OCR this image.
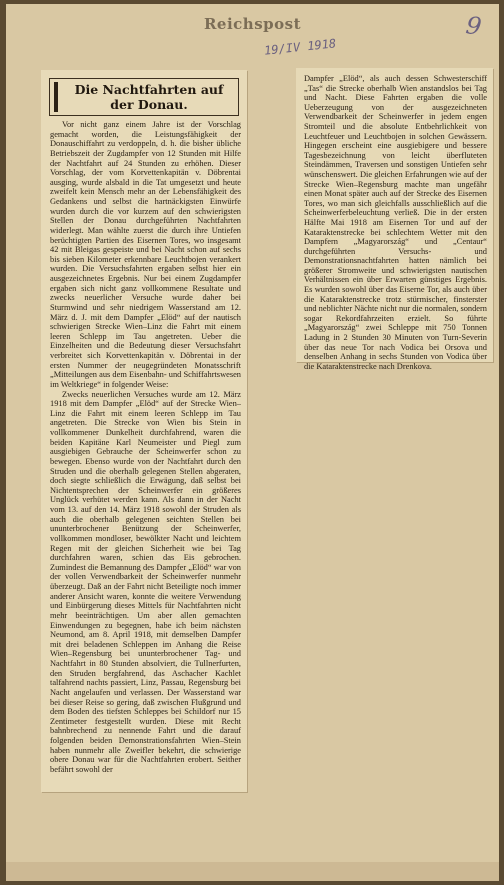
Reichspost
19/IV 1918
9
Die Nachtfahrten auf der Donau.

Vor nicht ganz einem Jahre ist der Vorschlag gemacht worden, die Leistungsfähigkeit der Donauschiffahrt zu verdoppeln, d. h. die bisher übliche Betriebszeit der Zugdampfer von 12 Stunden mit Hilfe der Nachtfahrt auf 24 Stunden zu erhöhen. Dieser Vorschlag, der vom Korvettenkapitän v. Döbrentai ausging, wurde alsbald in die Tat umgesetzt und heute zweifelt kein Mensch mehr an der Lebensfähigkeit des Gedankens und selbst die hartnäckigsten Einwürfe wurden durch die vor kurzem auf den schwierigsten Stellen der Donau durchgeführten Nachtfahrten widerlegt. Man wählte zuerst die durch ihre Untiefen berüchtigten Partien des Eisernen Tores, wo insgesamt 42 mit Bleigas gespeiste und bei Nacht schon auf sechs bis sieben Kilometer erkennbare Leuchtbojen verankert wurden. Die Versuchsfahrten ergaben selbst hier ein ausgezeichnetes Ergebnis. Nur bei einem Zugdampfer ergaben sich nicht ganz vollkommene Resultate und zwecks neuerlicher Versuche wurde daher bei Sturmwind und sehr niedrigem Wasserstand am 12. März d. J. mit dem Dampfer „Elöd“ auf der nautisch schwierigen Strecke Wien–Linz die Fahrt mit einem leeren Schlepp im Tau angetreten. Ueber die Einzelheiten und die Bedeutung dieser Versuchsfahrt verbreitet sich Korvettenkapitän v. Döbrentai in der ersten Nummer der neugegründeten Monatsschrift „Mitteilungen aus dem Eisenbahn- und Schiffahrtswesen im Weltkriege“ in folgender Weise:

Zwecks neuerlichen Versuches wurde am 12. März 1918 mit dem Dampfer „Elöd“ auf der Strecke Wien–Linz die Fahrt mit einem leeren Schlepp im Tau angetreten. Die Strecke von Wien bis Stein in vollkommener Dunkelheit durchfahrend, waren die beiden Kapitäne Karl Neumeister und Piegl zum ausgiebigen Gebrauche der Scheinwerfer schon zu bewegen. Ebenso wurde von der Nachtfahrt durch den Struden und die oberhalb gelegenen Stellen abgeraten, doch siegte schließlich die Erwägung, daß selbst bei Nichtentsprechen der Scheinwerfer ein größeres Unglück verhütet werden kann. Als dann in der Nacht vom 13. auf den 14. März 1918 sowohl der Struden als auch die oberhalb gelegenen seichten Stellen bei ununterbrochener Benützung der Scheinwerfer, vollkommen mondloser, bewölkter Nacht und leichtem Regen mit der gleichen Sicherheit wie bei Tag durchfahren waren, schien das Eis gebrochen. Zumindest die Bemannung des Dampfer „Elöd“ war von der vollen Verwendbarkeit der Scheinwerfer nunmehr überzeugt. Daß an der Fahrt nicht Beteiligte noch immer anderer Ansicht waren, konnte die weitere Verwendung und Einbürgerung dieses Mittels für Nachtfahrten nicht mehr beeinträchtigen. Um aber allen gemachten Einwendungen zu begegnen, habe ich beim nächsten Neumond, am 8. April 1918, mit demselben Dampfer mit drei beladenen Schleppen im Anhang die Reise Wien–Regensburg bei ununterbrochener Tag- und Nachtfahrt in 80 Stunden absolviert, die Tullnerfurten, den Struden bergfahrend, das Aschacher Kachlet talfahrend nachts passiert, Linz, Passau, Regensburg bei Nacht angelaufen und verlassen. Der Wasserstand war bei dieser Reise so gering, daß zwischen Flußgrund und dem Boden des tiefsten Schleppes bei Schildorf nur 15 Zentimeter festgestellt wurden. Diese mit Recht bahnbrechend zu nennende Fahrt und die darauf folgenden beiden Demonstrationsfahrten Wien–Stein haben nunmehr alle Zweifler bekehrt, die schwierige obere Donau war für die Nachtfahrten erobert. Seither befährt sowohl der

Dampfer „Elöd“, als auch dessen Schwesterschiff „Tas“ die Strecke oberhalb Wien anstandslos bei Tag und Nacht. Diese Fahrten ergaben die volle Ueberzeugung von der ausgezeichneten Verwendbarkeit der Scheinwerfer in jedem engen Stromteil und die absolute Entbehrlichkeit von Leuchtfeuer und Leuchtbojen in solchen Gewässern. Hingegen erscheint eine ausgiebigere und bessere Tagesbezeichnung von leicht überfluteten Steindämmen, Traversen und sonstigen Untiefen sehr wünschenswert. Die gleichen Erfahrungen wie auf der Strecke Wien–Regensburg machte man ungefähr einen Monat später auch auf der Strecke des Eisernen Tores, wo man sich gleichfalls ausschließlich auf die Scheinwerferbeleuchtung verließ. Die in der ersten Hälfte Mai 1918 am Eisernen Tor und auf der Kataraktenstrecke bei schlechtem Wetter mit den Dampfern „Magyarország“ und „Centaur“ durchgeführten Versuchs- und Demonstrationsnachtfahrten hatten nämlich bei größerer Stromweite und schwierigsten nautischen Verhältnissen ein über Erwarten günstiges Ergebnis. Es wurden sowohl über das Eiserne Tor, als auch über die Kataraktenstrecke trotz stürmischer, finsterster und neblichter Nächte nicht nur die normalen, sondern sogar Rekordfahrzeiten erzielt. So führte „Magyarország“ zwei Schleppe mit 750 Tonnen Ladung in 2 Stunden 30 Minuten von Turn-Severin über das neue Tor nach Vodica bei Orsova und denselben Anhang in sechs Stunden von Vodica über die Kataraktenstrecke nach Drenkova.
